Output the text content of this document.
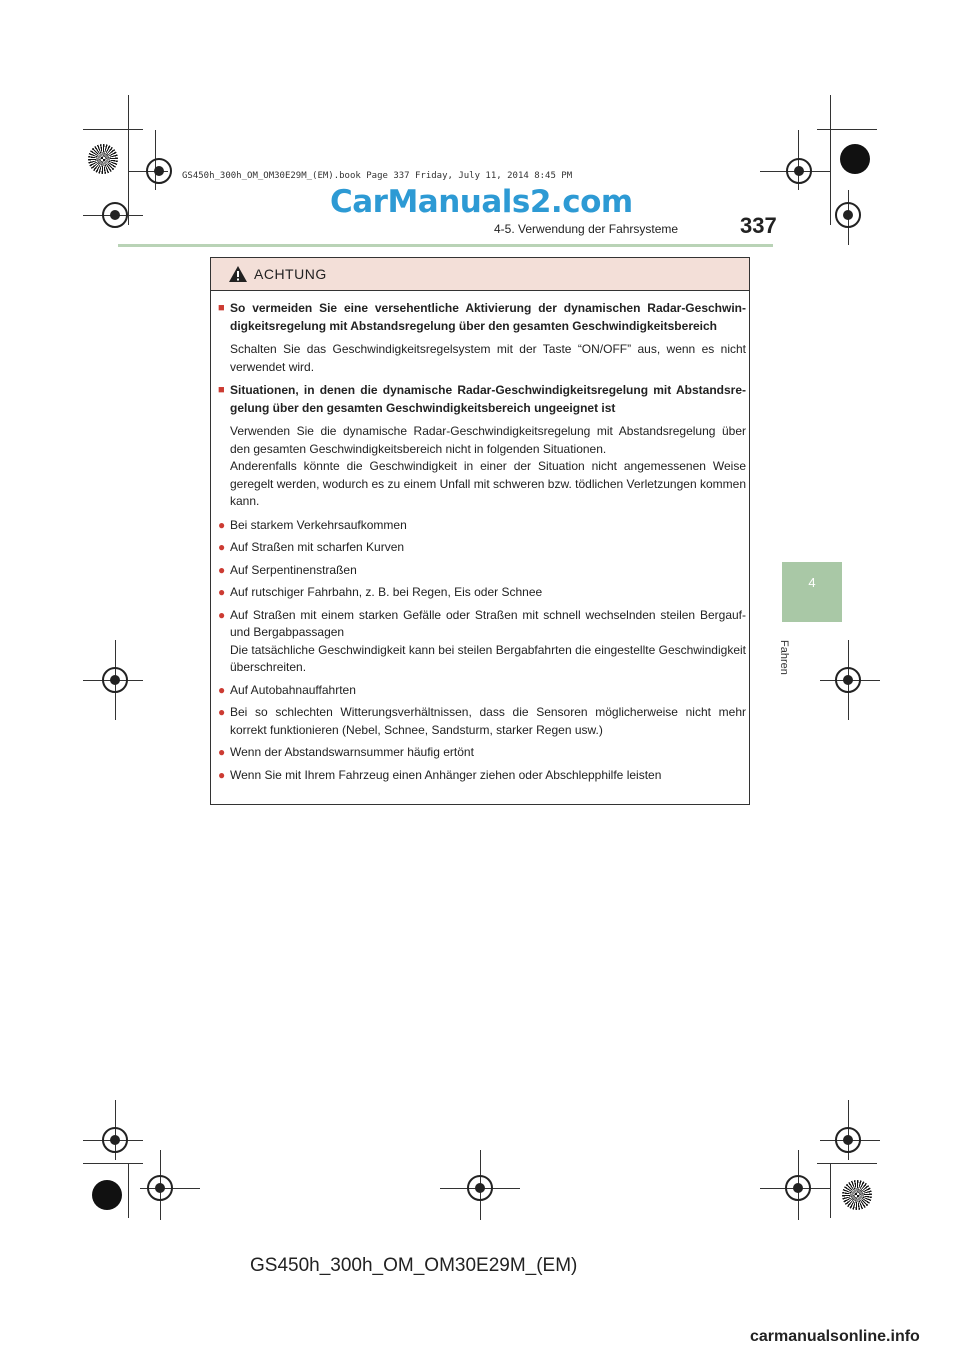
GS450h_300h_OM_OM30E29M_(EM).book Page 337 Friday, July 11, 2014 8:45 PM
CarManuals2.com
4-5. Verwendung der Fahrsysteme	337
4
Fahren
ACHTUNG
■ So vermeiden Sie eine versehentliche Aktivierung der dynamischen Radar-Geschwin-digkeitsregelung mit Abstandsregelung über den gesamten Geschwindigkeitsbereich
Schalten Sie das Geschwindigkeitsregelsystem mit der Taste “ON/OFF” aus, wenn es nicht verwendet wird.
■ Situationen, in denen die dynamische Radar-Geschwindigkeitsregelung mit Abstandsre-gelung über den gesamten Geschwindigkeitsbereich ungeeignet ist
Verwenden Sie die dynamische Radar-Geschwindigkeitsregelung mit Abstandsregelung über den gesamten Geschwindigkeitsbereich nicht in folgenden Situationen.
Anderenfalls könnte die Geschwindigkeit in einer der Situation nicht angemessenen Weise geregelt werden, wodurch es zu einem Unfall mit schweren bzw. tödlichen Verletzungen kommen kann.
● Bei starkem Verkehrsaufkommen
● Auf Straßen mit scharfen Kurven
● Auf Serpentinenstraßen
● Auf rutschiger Fahrbahn, z. B. bei Regen, Eis oder Schnee
● Auf Straßen mit einem starken Gefälle oder Straßen mit schnell wechselnden steilen Bergauf- und Bergabpassagen
Die tatsächliche Geschwindigkeit kann bei steilen Bergabfahrten die eingestellte Geschwindigkeit überschreiten.
● Auf Autobahnauffahrten
● Bei so schlechten Witterungsverhältnissen, dass die Sensoren möglicherweise nicht mehr korrekt funktionieren (Nebel, Schnee, Sandsturm, starker Regen usw.)
● Wenn der Abstandswarnsummer häufig ertönt
● Wenn Sie mit Ihrem Fahrzeug einen Anhänger ziehen oder Abschlepphilfe leisten
GS450h_300h_OM_OM30E29M_(EM)
carmanualsonline.info
